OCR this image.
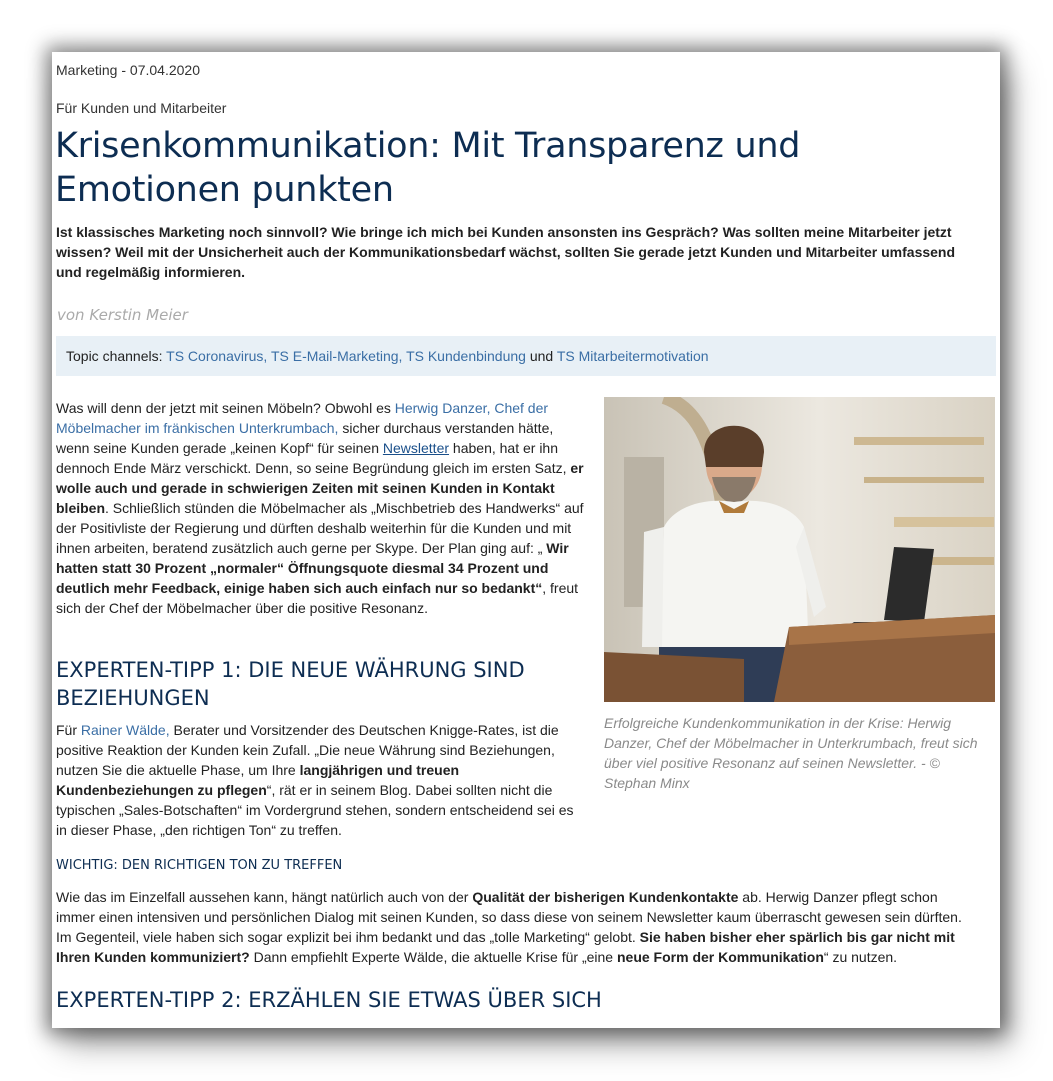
Marketing - 07.04.2020
Für Kunden und Mitarbeiter
Krisenkommunikation: Mit Transparenz und Emotionen punkten
Ist klassisches Marketing noch sinnvoll? Wie bringe ich mich bei Kunden ansonsten ins Gespräch? Was sollten meine Mitarbeiter jetzt wissen? Weil mit der Unsicherheit auch der Kommunikationsbedarf wächst, sollten Sie gerade jetzt Kunden und Mitarbeiter umfassend und regelmäßig informieren.
von Kerstin Meier
Topic channels: TS Coronavirus, TS E-Mail-Marketing, TS Kundenbindung und TS Mitarbeitermotivation
Was will denn der jetzt mit seinen Möbeln? Obwohl es Herwig Danzer, Chef der Möbelmacher im fränkischen Unterkrumbach, sicher durchaus verstanden hätte, wenn seine Kunden gerade „keinen Kopf“ für seinen Newsletter haben, hat er ihn dennoch Ende März verschickt. Denn, so seine Begründung gleich im ersten Satz, er wolle auch und gerade in schwierigen Zeiten mit seinen Kunden in Kontakt bleiben. Schließlich stünden die Möbelmacher als „Mischbetrieb des Handwerks“ auf der Positivliste der Regierung und dürften deshalb weiterhin für die Kunden und mit ihnen arbeiten, beratend zusätzlich auch gerne per Skype. Der Plan ging auf: „ Wir hatten statt 30 Prozent „normaler“ Öffnungsquote diesmal 34 Prozent und deutlich mehr Feedback, einige haben sich auch einfach nur so bedankt“, freut sich der Chef der Möbelmacher über die positive Resonanz.
EXPERTEN-TIPP 1: DIE NEUE WÄHRUNG SIND BEZIEHUNGEN
Für Rainer Wälde, Berater und Vorsitzender des Deutschen Knigge-Rates, ist die positive Reaktion der Kunden kein Zufall. „Die neue Währung sind Beziehungen, nutzen Sie die aktuelle Phase, um Ihre langjährigen und treuen Kundenbeziehungen zu pflegen“, rät er in seinem Blog. Dabei sollten nicht die typischen „Sales-Botschaften“ im Vordergrund stehen, sondern entscheidend sei es in dieser Phase, „den richtigen Ton“ zu treffen.
WICHTIG: DEN RICHTIGEN TON ZU TREFFEN
Wie das im Einzelfall aussehen kann, hängt natürlich auch von der Qualität der bisherigen Kundenkontakte ab. Herwig Danzer pflegt schon immer einen intensiven und persönlichen Dialog mit seinen Kunden, so dass diese von seinem Newsletter kaum überrascht gewesen sein dürften. Im Gegenteil, viele haben sich sogar explizit bei ihm bedankt und das „tolle Marketing“ gelobt. Sie haben bisher eher spärlich bis gar nicht mit Ihren Kunden kommuniziert? Dann empfiehlt Experte Wälde, die aktuelle Krise für „eine neue Form der Kommunikation“ zu nutzen.
EXPERTEN-TIPP 2: ERZÄHLEN SIE ETWAS ÜBER SICH
Erfolgreiche Kundenkommunikation in der Krise: Herwig Danzer, Chef der Möbelmacher in Unterkrumbach, freut sich über viel positive Resonanz auf seinen Newsletter. - © Stephan Minx
